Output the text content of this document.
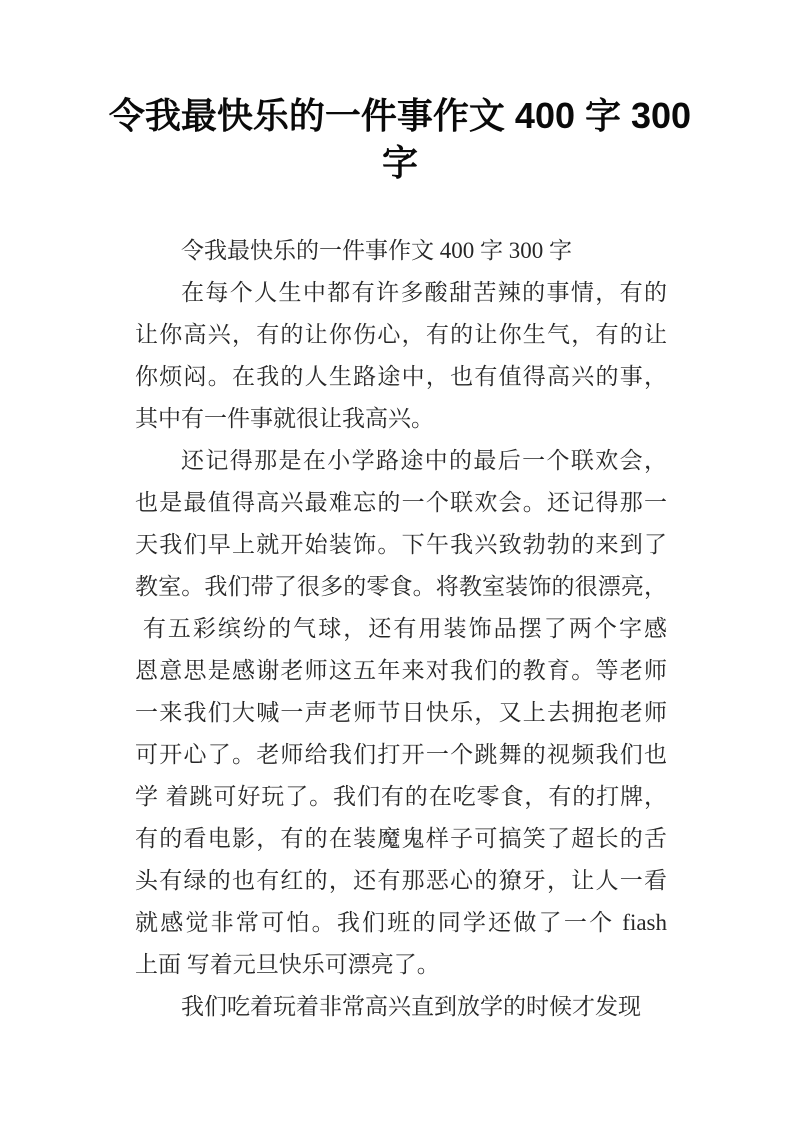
令我最快乐的一件事作文 400 字 300
字
令我最快乐的一件事作文 400 字 300 字
在每个人生中都有许多酸甜苦辣的事情，有的
让你高兴，有的让你伤心，有的让你生气，有的让
你烦闷。在我的人生路途中，也有值得高兴的事，
其中有一件事就很让我高兴。
还记得那是在小学路途中的最后一个联欢会，
也是最值得高兴最难忘的一个联欢会。还记得那一
天我们早上就开始装饰。下午我兴致勃勃的来到了
教室。我们带了很多的零食。将教室装饰的很漂亮，
有五彩缤纷的气球，还有用装饰品摆了两个字感
恩意思是感谢老师这五年来对我们的教育。等老师
一来我们大喊一声老师节日快乐，又上去拥抱老师
可开心了。老师给我们打开一个跳舞的视频我们也
学 着跳可好玩了。我们有的在吃零食，有的打牌，
有的看电影，有的在装魔鬼样子可搞笑了超长的舌
头有绿的也有红的，还有那恶心的獠牙，让人一看
就感觉非常可怕。我们班的同学还做了一个 fiash
上面 写着元旦快乐可漂亮了。
我们吃着玩着非常高兴直到放学的时候才发现
